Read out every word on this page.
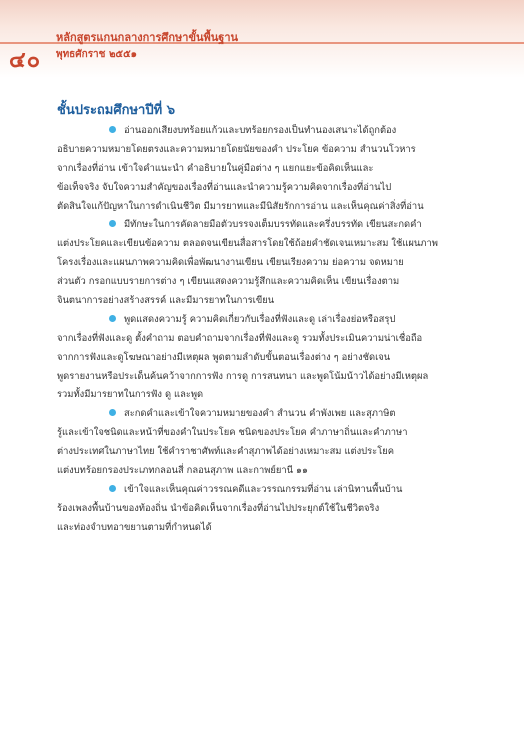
หลักสูตรแกนกลางการศึกษาขั้นพื้นฐาน
๔๐ พุทธศักราช ๒๕๕๑
ชั้นประถมศึกษาปีที่ ๖
อ่านออกเสียงบทร้อยแก้วและบทร้อยกรองเป็นทำนองเสนาะได้ถูกต้อง
อธิบายความหมายโดยตรงและความหมายโดยนัยของคำ ประโยค ข้อความ สำนวนโวหาร
จากเรื่องที่อ่าน เข้าใจคำแนะนำ คำอธิบายในคู่มือต่าง ๆ แยกแยะข้อคิดเห็นและ
ข้อเท็จจริง จับใจความสำคัญของเรื่องที่อ่านและนำความรู้ความคิดจากเรื่องที่อ่านไป
ตัดสินใจแก้ปัญหาในการดำเนินชีวิต มีมารยาทและมีนิสัยรักการอ่าน และเห็นคุณค่าสิ่งที่อ่าน
มีทักษะในการคัดลายมือตัวบรรจงเต็มบรรทัดและครึ่งบรรทัด เขียนสะกดคำ
แต่งประโยคและเขียนข้อความ ตลอดจนเขียนสื่อสารโดยใช้ถ้อยคำชัดเจนเหมาะสม ใช้แผนภาพ
โครงเรื่องและแผนภาพความคิดเพื่อพัฒนางานเขียน เขียนเรียงความ ย่อความ จดหมาย
ส่วนตัว กรอกแบบรายการต่าง ๆ เขียนแสดงความรู้สึกและความคิดเห็น เขียนเรื่องตาม
จินตนาการอย่างสร้างสรรค์ และมีมารยาทในการเขียน
พูดแสดงความรู้ ความคิดเกี่ยวกับเรื่องที่ฟังและดู เล่าเรื่องย่อหรือสรุป
จากเรื่องที่ฟังและดู ตั้งคำถาม ตอบคำถามจากเรื่องที่ฟังและดู รวมทั้งประเมินความน่าเชื่อถือ
จากการฟังและดูโฆษณาอย่างมีเหตุผล พูดตามลำดับขั้นตอนเรื่องต่าง ๆ อย่างชัดเจน
พูดรายงานหรือประเด็นค้นคว้าจากการฟัง การดู การสนทนา และพูดโน้มน้าวได้อย่างมีเหตุผล
รวมทั้งมีมารยาทในการฟัง ดู และพูด
สะกดคำและเข้าใจความหมายของคำ สำนวน คำพังเพย และสุภาษิต
รู้และเข้าใจชนิดและหน้าที่ของคำในประโยค ชนิดของประโยค คำภาษาถิ่นและคำภาษา
ต่างประเทศในภาษาไทย ใช้คำราชาศัพท์และคำสุภาพได้อย่างเหมาะสม แต่งประโยค
แต่งบทร้อยกรองประเภทกลอนสี่ กลอนสุภาพ และกาพย์ยานี ๑๑
เข้าใจและเห็นคุณค่าวรรณคดีและวรรณกรรมที่อ่าน เล่านิทานพื้นบ้าน
ร้องเพลงพื้นบ้านของท้องถิ่น นำข้อคิดเห็นจากเรื่องที่อ่านไปประยุกต์ใช้ในชีวิตจริง
และท่องจำบทอาขยานตามที่กำหนดได้
